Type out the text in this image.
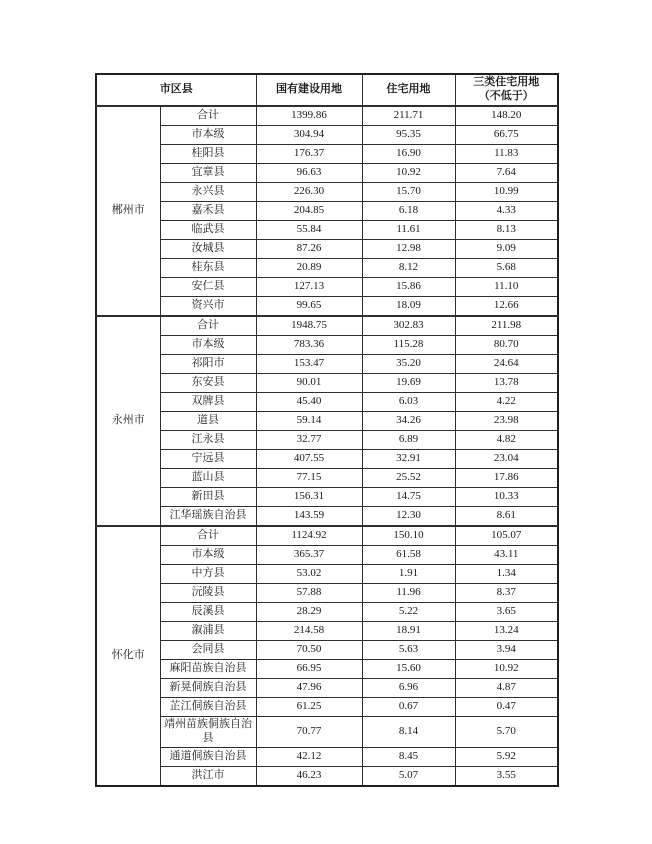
市区县		国有建设用地	住宅用地	三类住宅用地
（不低于）

郴州市	合计	1399.86	211.71	148.20
	市本级	304.94	95.35	66.75
	桂阳县	176.37	16.90	11.83
	宜章县	96.63	10.92	7.64
	永兴县	226.30	15.70	10.99
	嘉禾县	204.85	6.18	4.33
	临武县	55.84	11.61	8.13
	汝城县	87.26	12.98	9.09
	桂东县	20.89	8.12	5.68
	安仁县	127.13	15.86	11.10
	资兴市	99.65	18.09	12.66
永州市	合计	1948.75	302.83	211.98
	市本级	783.36	115.28	80.70
	祁阳市	153.47	35.20	24.64
	东安县	90.01	19.69	13.78
	双牌县	45.40	6.03	4.22
	道县	59.14	34.26	23.98
	江永县	32.77	6.89	4.82
	宁远县	407.55	32.91	23.04
	蓝山县	77.15	25.52	17.86
	新田县	156.31	14.75	10.33
	江华瑶族自治县	143.59	12.30	8.61
怀化市	合计	1124.92	150.10	105.07
	市本级	365.37	61.58	43.11
	中方县	53.02	1.91	1.34
	沅陵县	57.88	11.96	8.37
	辰溪县	28.29	5.22	3.65
	溆浦县	214.58	18.91	13.24
	会同县	70.50	5.63	3.94
	麻阳苗族自治县	66.95	15.60	10.92
	新晃侗族自治县	47.96	6.96	4.87
	芷江侗族自治县	61.25	0.67	0.47
	靖州苗族侗族自治县	70.77	8.14	5.70
	通道侗族自治县	42.12	8.45	5.92
	洪江市	46.23	5.07	3.55
